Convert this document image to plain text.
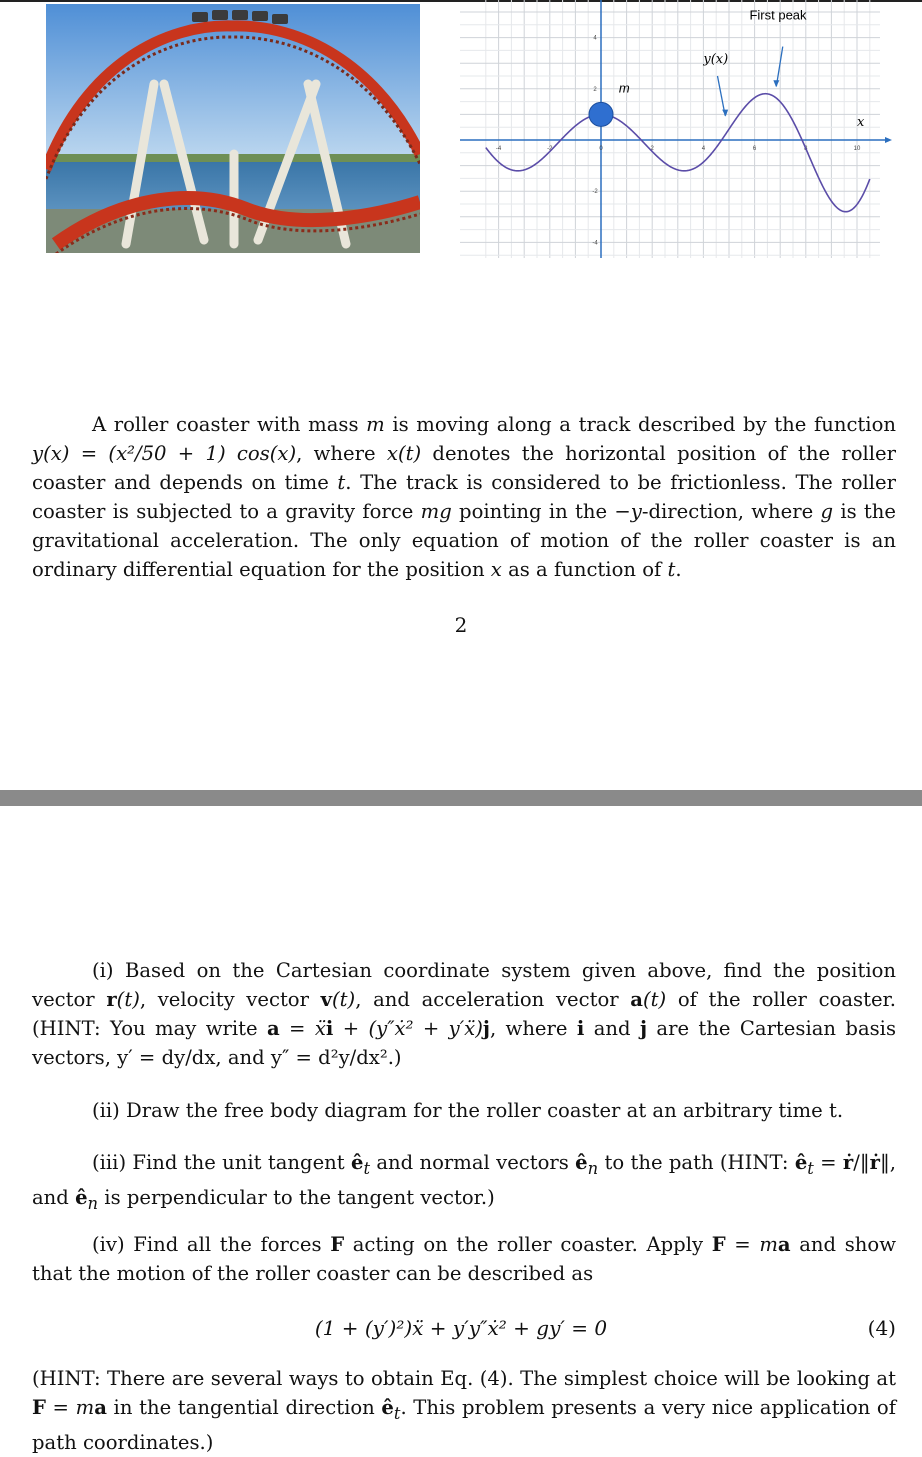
-4	-2	0	2	4	6	8	10
4
2
-2
-4
m
y(x)
First peak
x
A roller coaster with mass m is moving along a track described by the function y(x) = (x²/50 + 1) cos(x), where x(t) denotes the horizontal position of the roller coaster and depends on time t. The track is considered to be frictionless. The roller coaster is subjected to a gravity force mg pointing in the −y-direction, where g is the gravitational acceleration. The only equation of motion of the roller coaster is an ordinary differential equation for the position x as a function of t.
2
(i) Based on the Cartesian coordinate system given above, find the position vector r(t), velocity vector v(t), and acceleration vector a(t) of the roller coaster. (HINT: You may write a = ẍi + (y″ẋ² + y′ẍ)j, where i and j are the Cartesian basis vectors, y′ = dy/dx, and y″ = d²y/dx².)
(ii) Draw the free body diagram for the roller coaster at an arbitrary time t.
(iii) Find the unit tangent $ê_t$ and normal vectors $ê_n$ to the path (HINT: $ê_t$ = ṙ/‖ṙ‖, and $ê_n$ is perpendicular to the tangent vector.)
(iv) Find all the forces F acting on the roller coaster. Apply F = ma and show that the motion of the roller coaster can be described as
(1 + (y′)²)ẍ + y′y″ẋ² + gy′ = 0	(4)
(HINT: There are several ways to obtain Eq. (4). The simplest choice will be looking at F = ma in the tangential direction $ê_t$. This problem presents a very nice application of path coordinates.)
